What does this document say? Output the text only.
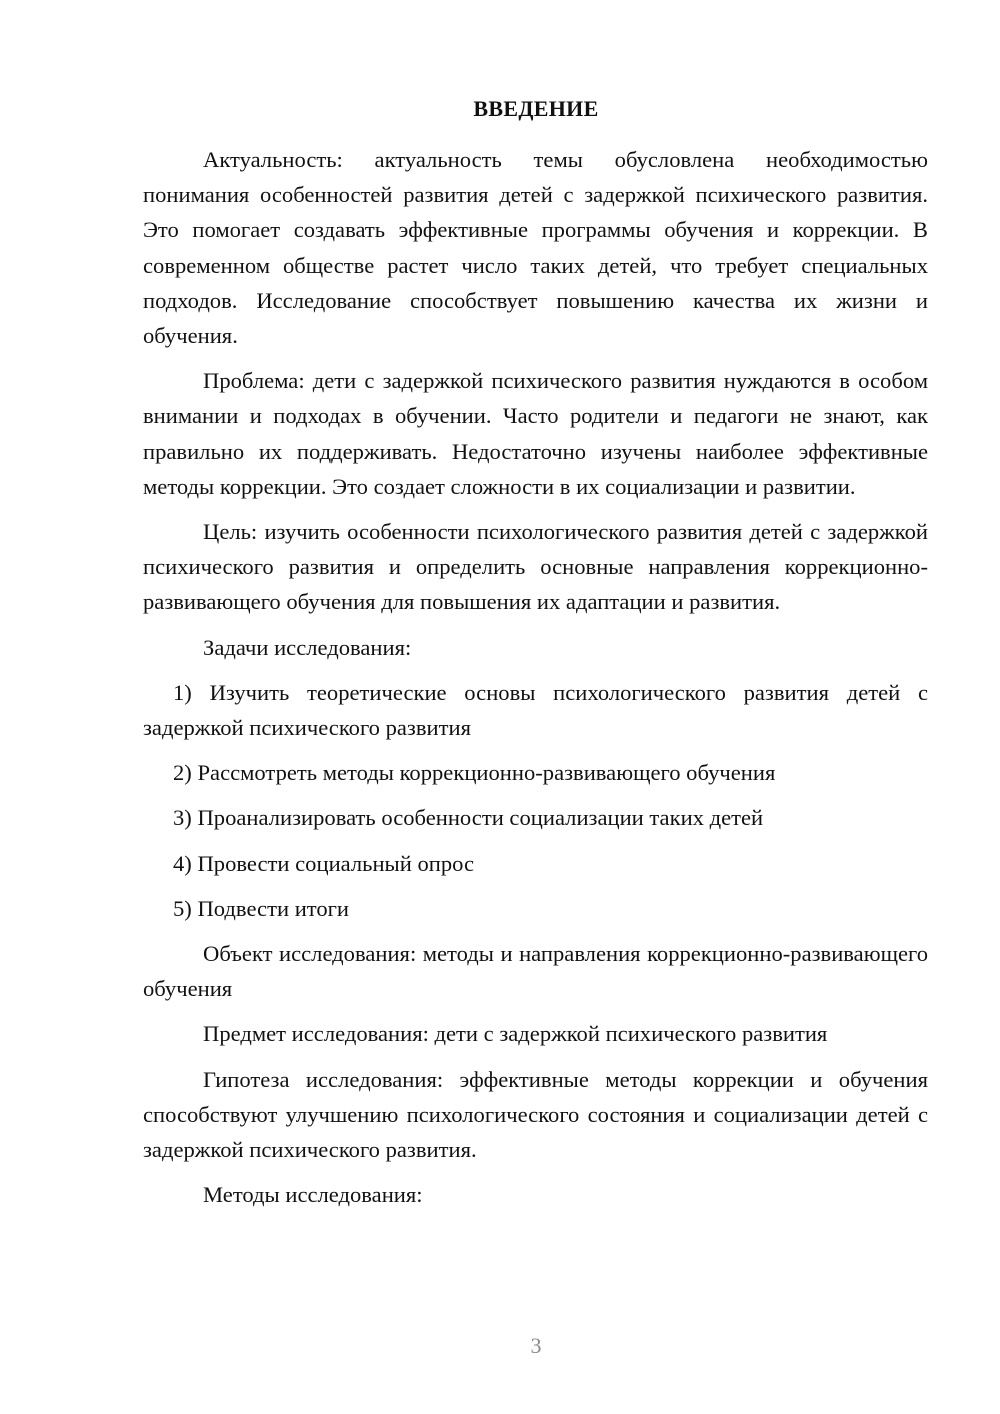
ВВЕДЕНИЕ

Актуальность: актуальность темы обусловлена необходимостью понимания особенностей развития детей с задержкой психического развития. Это помогает создавать эффективные программы обучения и коррекции. В современном обществе растет число таких детей, что требует специальных подходов. Исследование способствует повышению качества их жизни и обучения.

Проблема: дети с задержкой психического развития нуждаются в особом внимании и подходах в обучении. Часто родители и педагоги не знают, как правильно их поддерживать. Недостаточно изучены наиболее эффективные методы коррекции. Это создает сложности в их социализации и развитии.

Цель: изучить особенности психологического развития детей с задержкой психического развития и определить основные направления коррекционно-развивающего обучения для повышения их адаптации и развития.

Задачи исследования:

1) Изучить теоретические основы психологического развития детей с задержкой психического развития

2) Рассмотреть методы коррекционно-развивающего обучения

3) Проанализировать особенности социализации таких детей

4) Провести социальный опрос

5) Подвести итоги

Объект исследования: методы и направления коррекционно-развивающего обучения

Предмет исследования: дети с задержкой психического развития

Гипотеза исследования: эффективные методы коррекции и обучения способствуют улучшению психологического состояния и социализации детей с задержкой психического развития.

Методы исследования:

3
